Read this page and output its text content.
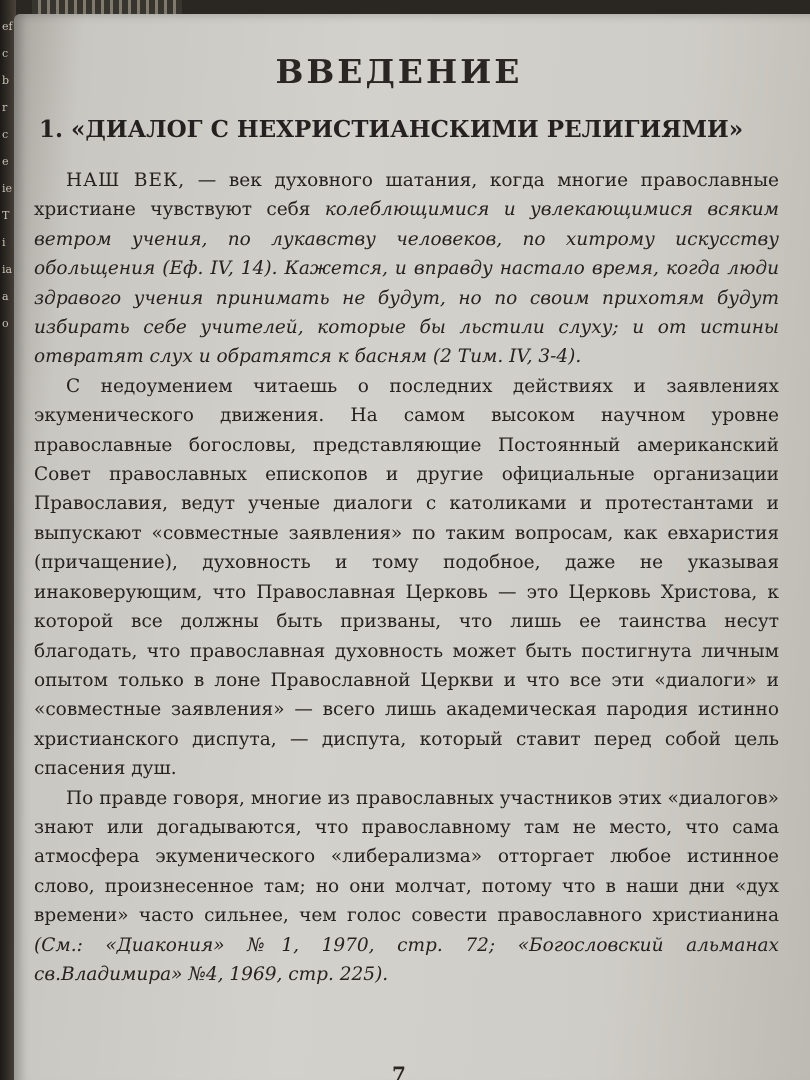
ef
c
b
r
c
e
ie
T
i
ia
a
o
ВВЕДЕНИЕ
1. «ДИАЛОГ С НЕХРИСТИАНСКИМИ РЕЛИГИЯМИ»

НАШ ВЕК, — век духовного шатания, когда многие православные христиане чувствуют себя колеблющимися и увлекающимися всяким ветром учения, по лукавству человеков, по хитрому искусству обольщения (Еф. IV, 14). Кажется, и вправду настало время, когда люди здравого учения принимать не будут, но по своим прихотям будут избирать себе учителей, которые бы льстили слуху; и от истины отвратят слух и обратятся к басням (2 Тим. IV, 3-4).

С недоумением читаешь о последних действиях и заявлениях экуменического движения. На самом высоком научном уровне православные богословы, представляющие Постоянный американский Совет православных епископов и другие официальные организации Православия, ведут ученые диалоги с католиками и протестантами и выпускают «совместные заявления» по таким вопросам, как евхаристия (причащение), духовность и тому подобное, даже не указывая инаковерующим, что Православная Церковь — это Церковь Христова, к которой все должны быть призваны, что лишь ее таинства несут благодать, что православная духовность может быть постигнута личным опытом только в лоне Православной Церкви и что все эти «диалоги» и «совместные заявления» — всего лишь академическая пародия истинно христианского диспута, — диспута, который ставит перед собой цель спасения душ.

По правде говоря, многие из православных участников этих «диалогов» знают или догадываются, что православному там не место, что сама атмосфера экуменического «либерализма» отторгает любое истинное слово, произнесенное там; но они молчат, потому что в наши дни «дух времени» часто сильнее, чем голос совести православного христианина (См.: «Диакония» №1, 1970, стр. 72; «Богословский альманах св.Владимира» №4, 1969, стр. 225).

7
